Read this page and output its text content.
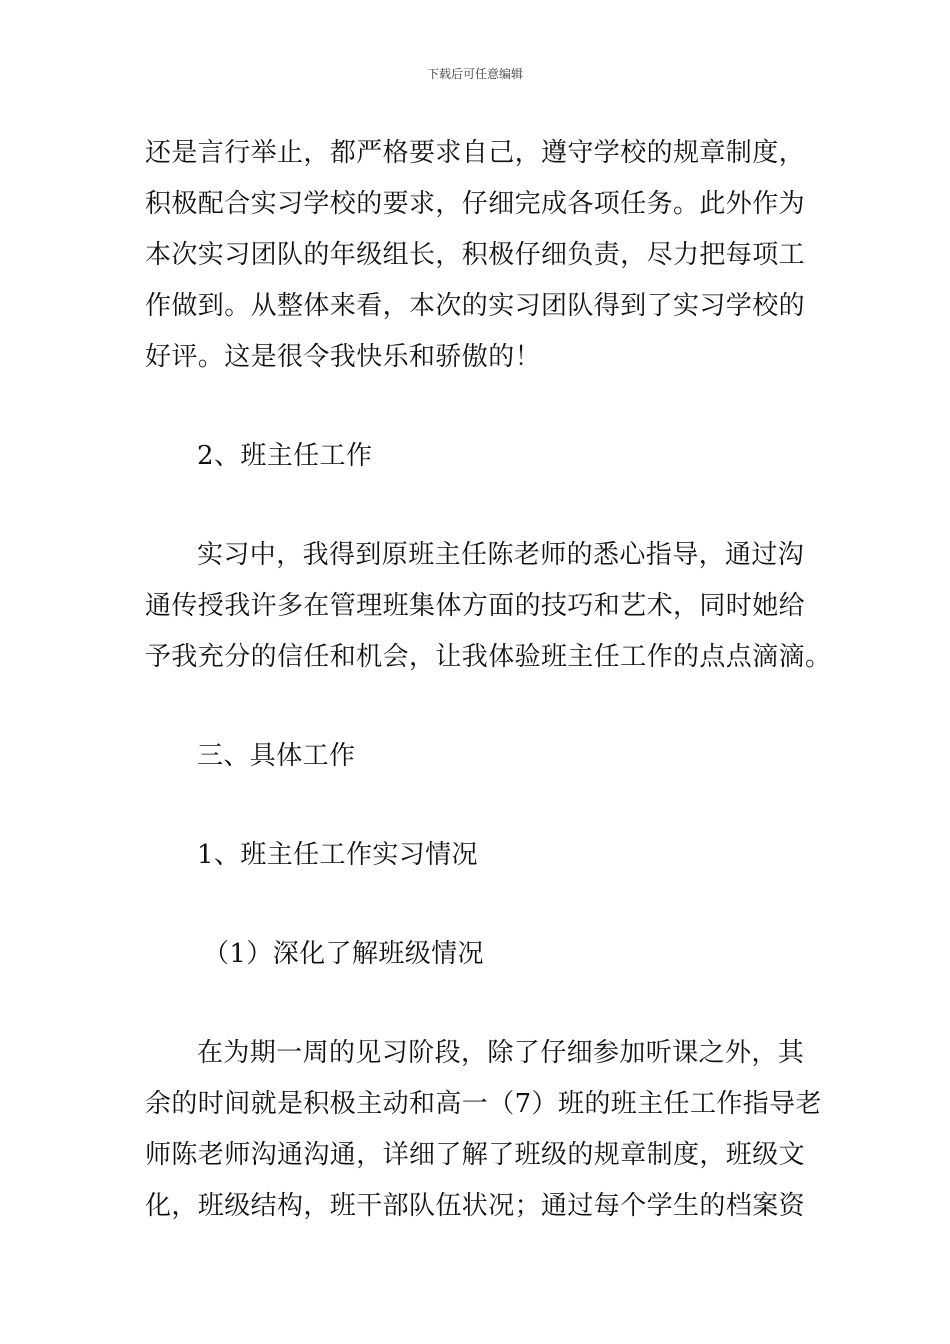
下载后可任意编辑
还是言行举止，都严格要求自己，遵守学校的规章制度，
积极配合实习学校的要求，仔细完成各项任务。此外作为
本次实习团队的年级组长，积极仔细负责，尽力把每项工
作做到。从整体来看，本次的实习团队得到了实习学校的
好评。这是很令我快乐和骄傲的！
2、班主任工作
实习中，我得到原班主任陈老师的悉心指导，通过沟
通传授我许多在管理班集体方面的技巧和艺术，同时她给
予我充分的信任和机会，让我体验班主任工作的点点滴滴。
三、具体工作
1、班主任工作实习情况
（1）深化了解班级情况
在为期一周的见习阶段，除了仔细参加听课之外，其
余的时间就是积极主动和高一（7）班的班主任工作指导老
师陈老师沟通沟通，详细了解了班级的规章制度，班级文
化，班级结构，班干部队伍状况；通过每个学生的档案资
